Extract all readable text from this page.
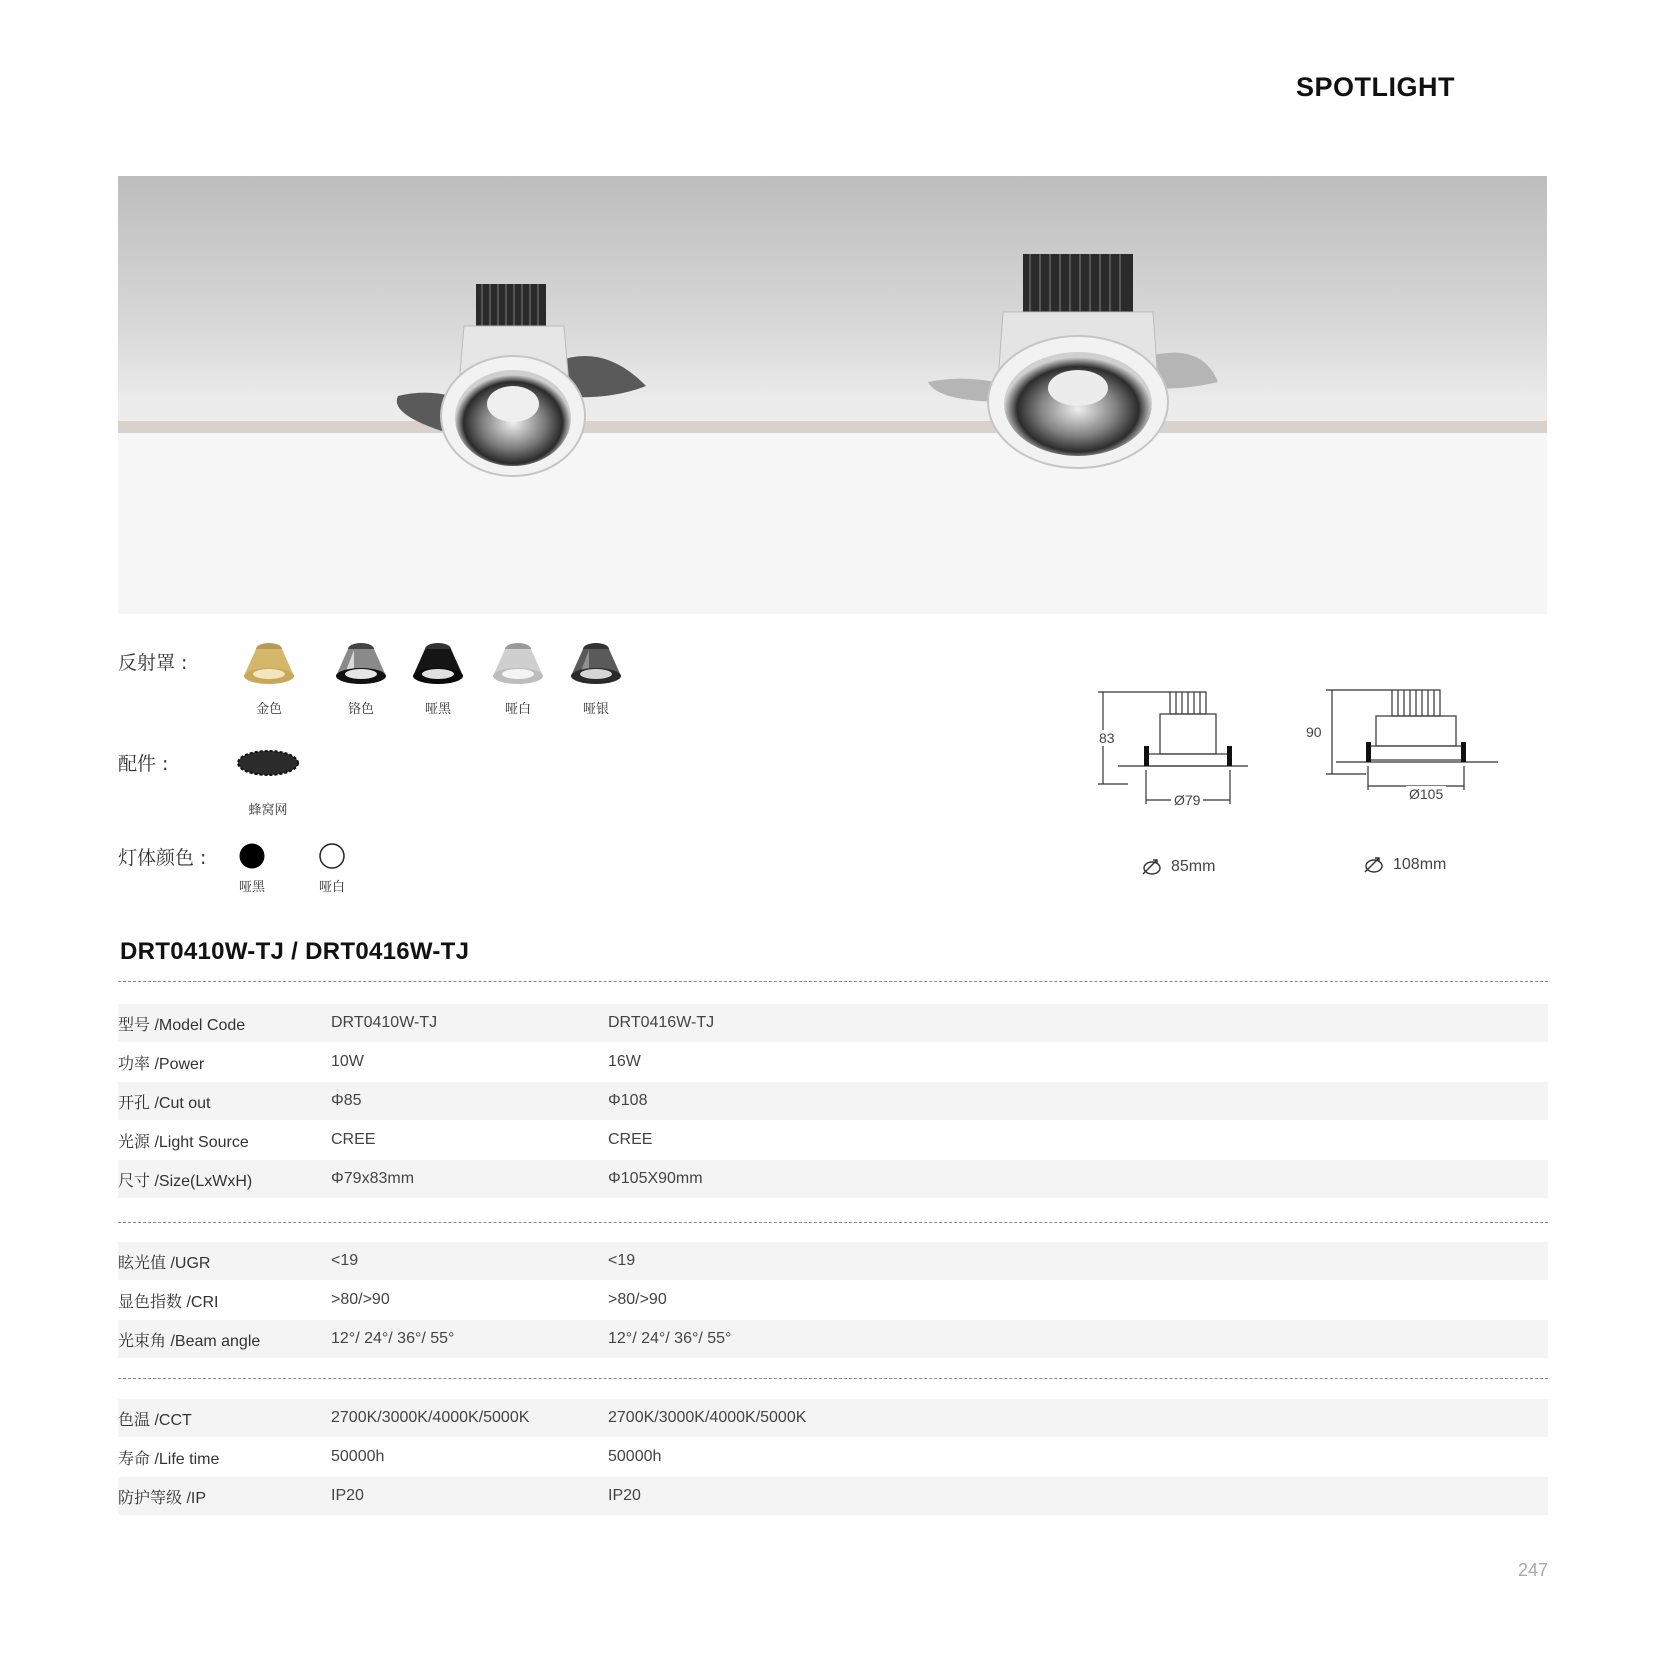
SPOTLIGHT
反射罩 :
金色	铬色	哑黑	哑白	哑银
配件 :
蜂窝网
灯体颜色 :
哑黑	哑白
83
Ø79
90
Ø105
85mm	108mm
DRT0410W-TJ / DRT0416W-TJ
型号 /Model Code	DRT0410W-TJ	DRT0416W-TJ
功率 /Power	10W	16W
开孔 /Cut out	Φ85	Φ108
光源 /Light Source	CREE	CREE
尺寸 /Size(LxWxH)	Φ79x83mm	Φ105X90mm
眩光值 /UGR	<19	<19
显色指数 /CRI	>80/>90	>80/>90
光束角 /Beam angle	12°/ 24°/ 36°/ 55°	12°/ 24°/ 36°/ 55°
色温 /CCT	2700K/3000K/4000K/5000K	2700K/3000K/4000K/5000K
寿命 /Life time	50000h	50000h
防护等级 /IP	IP20	IP20
247
